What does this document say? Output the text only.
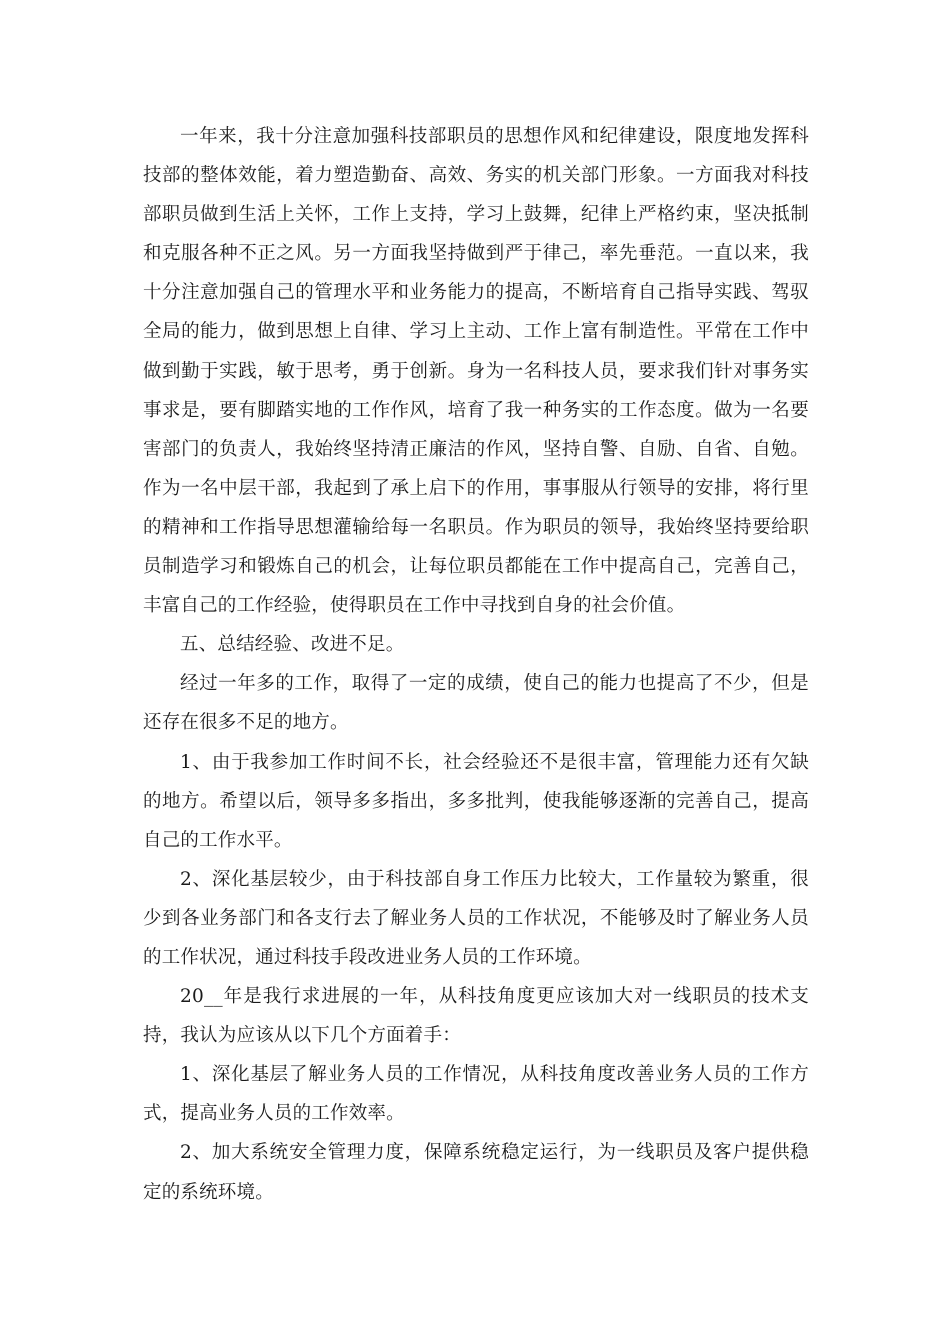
一年来，我十分注意加强科技部职员的思想作风和纪律建设，限度地发挥科技部的整体效能，着力塑造勤奋、高效、务实的机关部门形象。一方面我对科技部职员做到生活上关怀，工作上支持，学习上鼓舞，纪律上严格约束，坚决抵制和克服各种不正之风。另一方面我坚持做到严于律己，率先垂范。一直以来，我十分注意加强自己的管理水平和业务能力的提高，不断培育自己指导实践、驾驭全局的能力，做到思想上自律、学习上主动、工作上富有制造性。平常在工作中做到勤于实践，敏于思考，勇于创新。身为一名科技人员，要求我们针对事务实事求是，要有脚踏实地的工作作风，培育了我一种务实的工作态度。做为一名要害部门的负责人，我始终坚持清正廉洁的作风，坚持自警、自励、自省、自勉。作为一名中层干部，我起到了承上启下的作用，事事服从行领导的安排，将行里的精神和工作指导思想灌输给每一名职员。作为职员的领导，我始终坚持要给职员制造学习和锻炼自己的机会，让每位职员都能在工作中提高自己，完善自己，丰富自己的工作经验，使得职员在工作中寻找到自身的社会价值。

五、总结经验、改进不足。

经过一年多的工作，取得了一定的成绩，使自己的能力也提高了不少，但是还存在很多不足的地方。

1、由于我参加工作时间不长，社会经验还不是很丰富，管理能力还有欠缺的地方。希望以后，领导多多指出，多多批判，使我能够逐渐的完善自己，提高自己的工作水平。

2、深化基层较少，由于科技部自身工作压力比较大，工作量较为繁重，很少到各业务部门和各支行去了解业务人员的工作状况，不能够及时了解业务人员的工作状况，通过科技手段改进业务人员的工作环境。

20__年是我行求进展的一年，从科技角度更应该加大对一线职员的技术支持，我认为应该从以下几个方面着手：

1、深化基层了解业务人员的工作情况，从科技角度改善业务人员的工作方式，提高业务人员的工作效率。

2、加大系统安全管理力度，保障系统稳定运行，为一线职员及客户提供稳定的系统环境。
